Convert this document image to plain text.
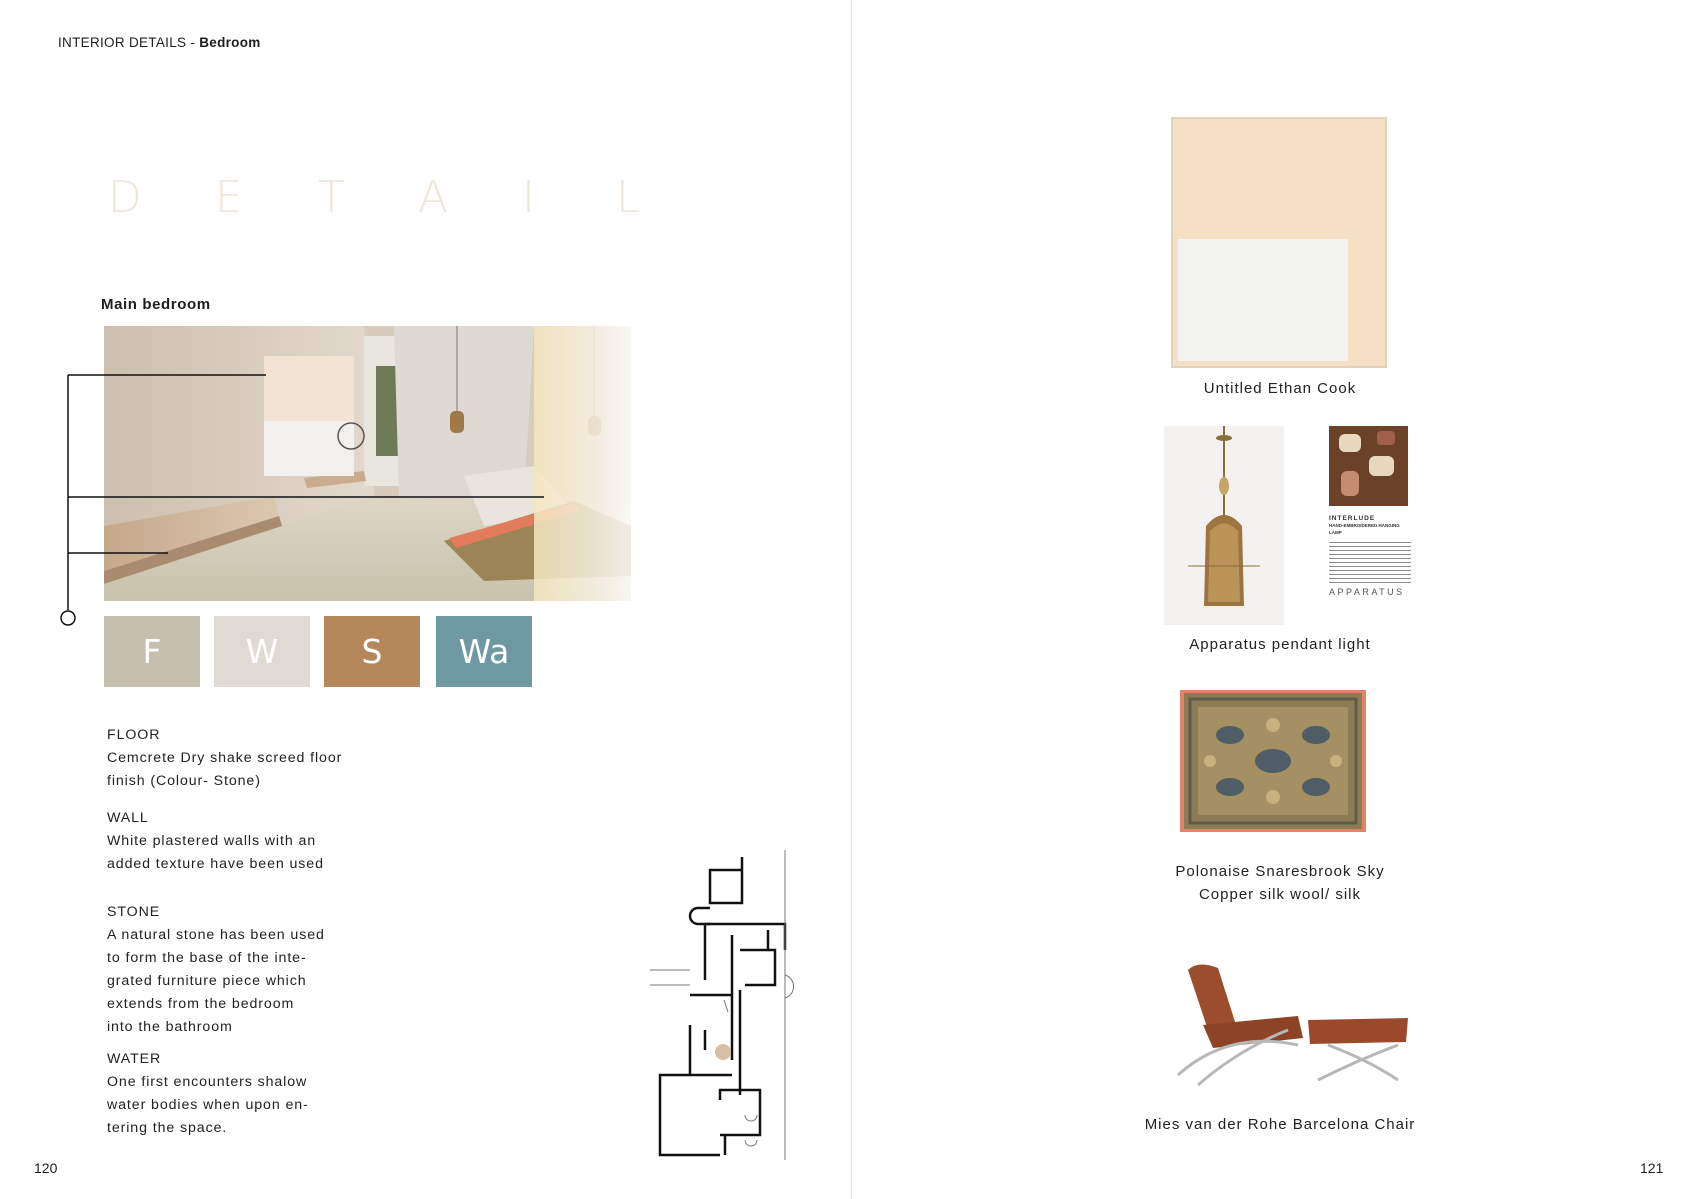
INTERIOR DETAILS - Bedroom
D E T A I L
Main bedroom
F	W	S Wa
FLOOR
Cemcrete Dry shake screed floor
finish (Colour- Stone)
WALL
White plastered walls with an
added texture have been used
STONE
A natural stone has been used
to form the base of the inte-
grated furniture piece which
extends from the bedroom
into the bathroom
WATER
One first encounters shalow
water bodies when upon en-
tering the space.
120	121
Untitled Ethan Cook
INTERLUDE
HAND-EMBROIDERED HANGING LAMP
APPARATUS
Apparatus pendant light
Polonaise Snaresbrook Sky
Copper silk wool/ silk
Mies van der Rohe Barcelona Chair
